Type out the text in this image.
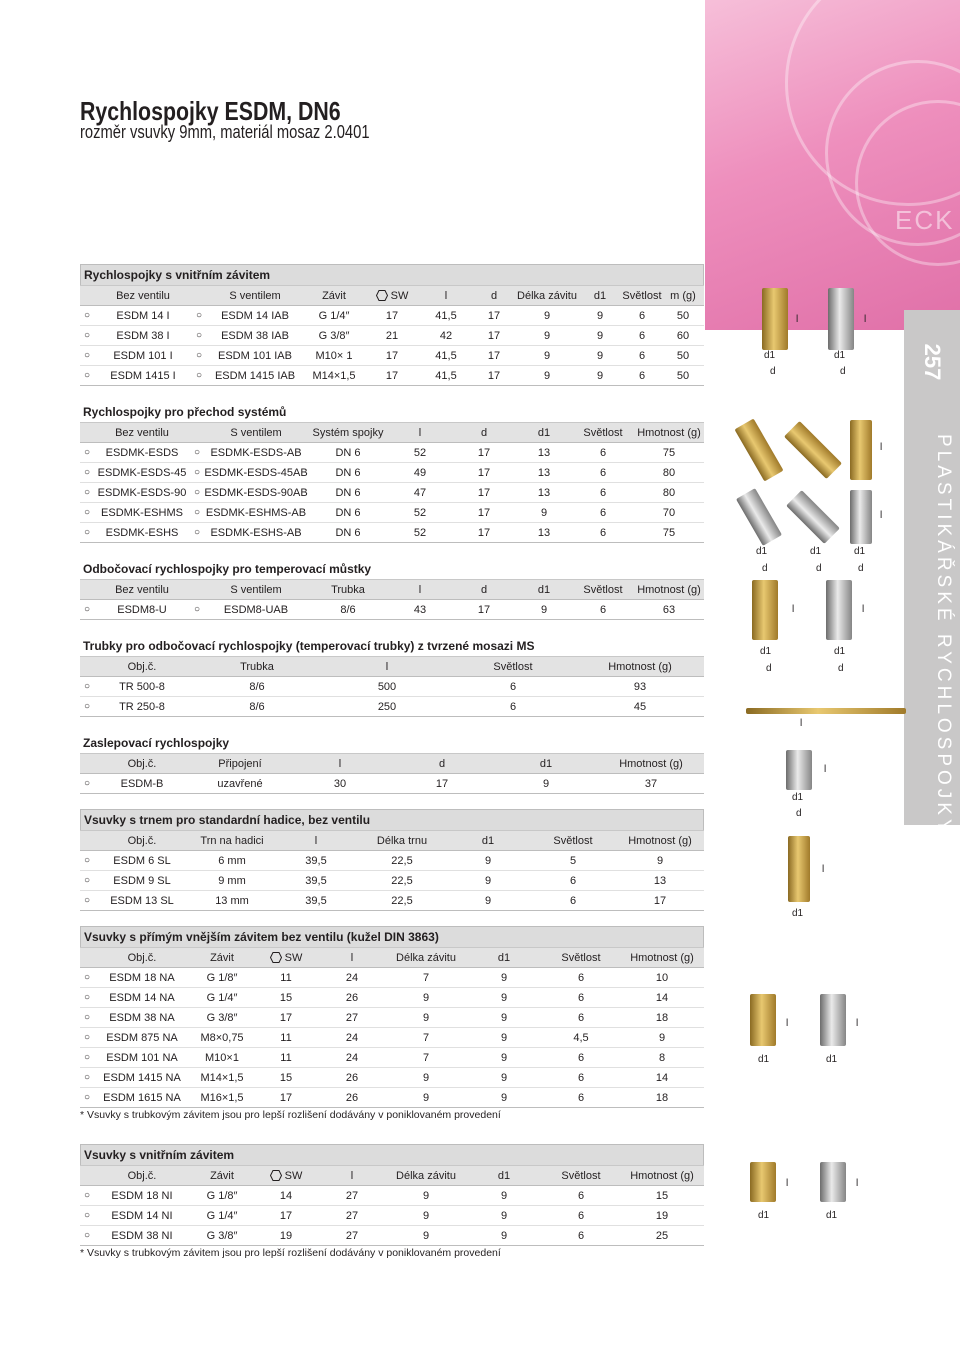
ECK
257
PLASTIKÁŘSKÉ RYCHLOSPOJKY
Rychlospojky ESDM, DN6
rozměr vsuvky 9mm, materiál mosaz 2.0401
Rychlospojky s vnitřním závitem
	Bez ventilu		S ventilem	Závit	SW	l	d	Délka závitu	d1	Světlost	m (g)
○	ESDM 14 I	○	ESDM 14 IAB	G 1/4″	17	41,5	17	9	9	6	50
○	ESDM 38 I	○	ESDM 38 IAB	G 3/8″	21	42	17	9	9	6	60
○	ESDM 101 I	○	ESDM 101 IAB	M10× 1	17	41,5	17	9	9	6	50
○	ESDM 1415 I	○	ESDM 1415 IAB	M14×1,5	17	41,5	17	9	9	6	50
Rychlospojky pro přechod systémů
	Bez ventilu		S ventilem	Systém spojky	l	d	d1	Světlost	Hmotnost (g)
○	ESDMK-ESDS	○	ESDMK-ESDS-AB	DN 6	52	17	13	6	75
○	ESDMK-ESDS-45	○	ESDMK-ESDS-45AB	DN 6	49	17	13	6	80
○	ESDMK-ESDS-90	○	ESDMK-ESDS-90AB	DN 6	47	17	13	6	80
○	ESDMK-ESHMS	○	ESDMK-ESHMS-AB	DN 6	52	17	9	6	70
○	ESDMK-ESHS	○	ESDMK-ESHS-AB	DN 6	52	17	13	6	75
Odbočovací rychlospojky pro temperovací můstky
	Bez ventilu		S ventilem	Trubka	l	d	d1	Světlost	Hmotnost (g)
○	ESDM8-U	○	ESDM8-UAB	8/6	43	17	9	6	63
Trubky pro odbočovací rychlospojky (temperovací trubky) z tvrzené mosazi MS
	Obj.č.	Trubka	l	Světlost	Hmotnost (g)
○	TR 500-8	8/6	500	6	93
○	TR 250-8	8/6	250	6	45
Zaslepovací rychlospojky
	Obj.č.	Připojení	l	d	d1	Hmotnost (g)
○	ESDM-B	uzavřené	30	17	9	37
Vsuvky s trnem pro standardní hadice, bez ventilu
	Obj.č.	Trn na hadici	l	Délka trnu	d1	Světlost	Hmotnost (g)
○	ESDM 6 SL	6 mm	39,5	22,5	9	5	9
○	ESDM 9 SL	9 mm	39,5	22,5	9	6	13
○	ESDM 13 SL	13 mm	39,5	22,5	9	6	17
Vsuvky s přímým vnějším závitem bez ventilu (kužel DIN 3863)
	Obj.č.	Závit	SW	l	Délka závitu	d1	Světlost	Hmotnost (g)
○	ESDM 18 NA	G 1/8″	11	24	7	9	6	10
○	ESDM 14 NA	G 1/4″	15	26	9	9	6	14
○	ESDM 38 NA	G 3/8″	17	27	9	9	6	18
○	ESDM 875 NA	M8×0,75	11	24	7	9	4,5	9
○	ESDM 101 NA	M10×1	11	24	7	9	6	8
○	ESDM 1415 NA	M14×1,5	15	26	9	9	6	14
○	ESDM 1615 NA	M16×1,5	17	26	9	9	6	18
* Vsuvky s trubkovým závitem jsou pro lepší rozlišení dodávány v poniklovaném provedení
Vsuvky s vnitřním závitem
	Obj.č.	Závit	SW	l	Délka závitu	d1	Světlost	Hmotnost (g)
○	ESDM 18 NI	G 1/8″	14	27	9	9	6	15
○	ESDM 14 NI	G 1/4″	17	27	9	9	6	19
○	ESDM 38 NI	G 3/8″	19	27	9	9	6	25
* Vsuvky s trubkovým závitem jsou pro lepší rozlišení dodávány v poniklovaném provedení
l	l
d1	d1
d	d
l
l
d1	d1	d1
d	d	d
l	l
d1	d1
d	d
l
l
d1
d
l
d1
l	l
d1	d1
l	l
d1	d1
